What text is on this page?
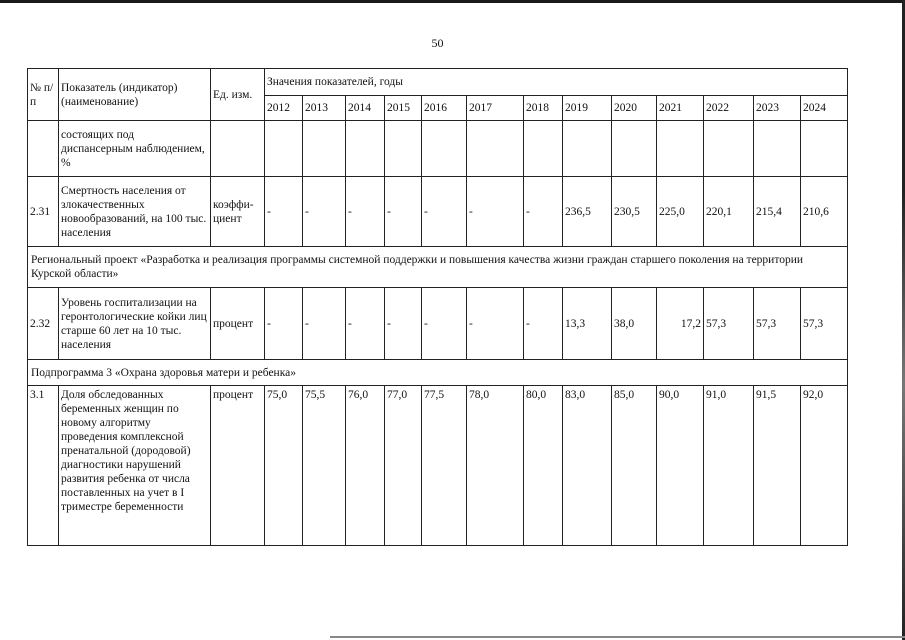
50
№ п/п	Показатель (индикатор) (наименование)	Ед. изм.	Значения показателей, годы												
			2012	2013	2014	2015	2016	2017	2018	2019	2020	2021	2022	2023	2024
	состоящих под диспансерным наблюдением, %														
2.31	Смертность населения от злокачественных новообразований, на 100 тыс. населения	коэффи-циент	-	-	-	-	-	-	-	236,5	230,5	225,0	220,1	215,4	210,6
Региональный проект «Разработка и реализация программы системной поддержки и повышения качества жизни граждан старшего поколения на территории Курской области»															
2.32	Уровень госпитализации на геронтологические койки лиц старше 60 лет на 10 тыс. населения	процент	-	-	-	-	-	-	-	13,3	38,0	17,2	57,3	57,3	57,3
Подпрограмма 3 «Охрана здоровья матери и ребенка»															
3.1	Доля обследованных беременных женщин по новому алгоритму проведения комплексной пренатальной (дородовой) диагностики нарушений развития ребенка от числа поставленных на учет в I триместре беременности	процент	75,0	75,5	76,0	77,0	77,5	78,0	80,0	83,0	85,0	90,0	91,0	91,5	92,0
